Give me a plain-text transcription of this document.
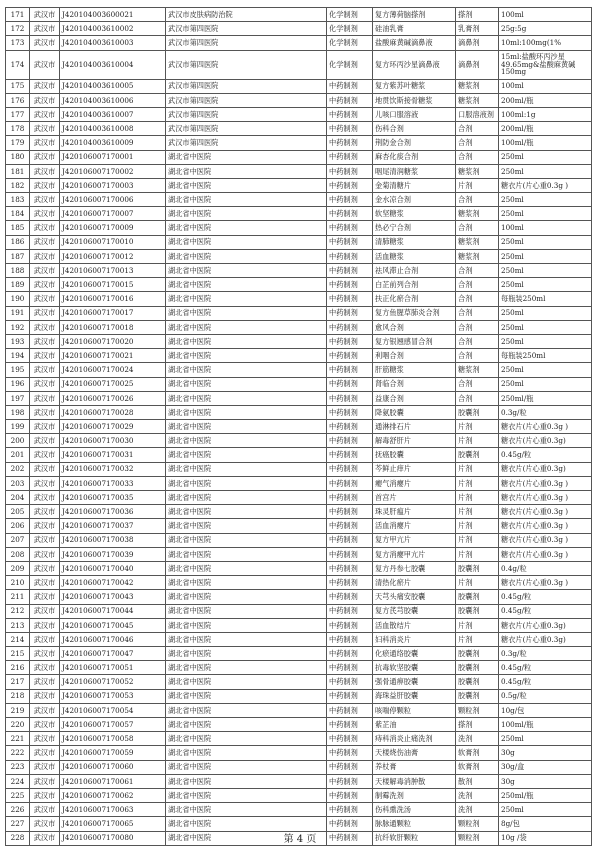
171	武汉市	J420104003600021	武汉市皮肤病防治院	化学制剂	复方薄荷脑搽剂	搽剂	100ml
172	武汉市	J420104003610002	武汉市第四医院	化学制剂	硅油乳膏	乳膏剂	25g:5g
173	武汉市	J420104003610003	武汉市第四医院	化学制剂	盐酸麻黄碱滴鼻液	滴鼻剂	10ml:100mg(1%
174	武汉市	J420104003610004	武汉市第四医院	化学制剂	复方环丙沙星滴鼻液	滴鼻剂	15ml:盐酸环丙沙星49.65mg&盐酸麻黄碱150mg
175	武汉市	J420104003610005	武汉市第四医院	中药制剂	复方紫苏叶糖浆	糖浆剂	100ml
176	武汉市	J420104003610006	武汉市第四医院	中药制剂	地贯饮斯接骨糖浆	糖浆剂	200ml/瓶
177	武汉市	J420104003610007	武汉市第四医院	中药制剂	儿咳口服溶液	口服溶液剂	100ml:1g
178	武汉市	J420104003610008	武汉市第四医院	中药制剂	伤科合剂	合剂	200ml/瓶
179	武汉市	J420104003610009	武汉市第四医院	中药制剂	荆防金合剂	合剂	100ml/瓶
180	武汉市	J420106007170001	湖北省中医院	中药制剂	麻杏化痰合剂	合剂	250ml
181	武汉市	J420106007170002	湖北省中医院	中药制剂	咽尾清润糖浆	糖浆剂	250ml
182	武汉市	J420106007170003	湖北省中医院	中药制剂	金菊清糖片	片剂	糖衣片(片心重0.3g )
183	武汉市	J420106007170006	湖北省中医院	中药制剂	金水凉合剂	合剂	250ml
184	武汉市	J420106007170007	湖北省中医院	中药制剂	软坚糖浆	糖浆剂	250ml
185	武汉市	J420106007170009	湖北省中医院	中药制剂	热必宁合剂	合剂	100ml
186	武汉市	J420106007170010	湖北省中医院	中药制剂	清肺糖浆	糖浆剂	250ml
187	武汉市	J420106007170012	湖北省中医院	中药制剂	活血糖浆	糖浆剂	250ml
188	武汉市	J420106007170013	湖北省中医院	中药制剂	祛风滞止合剂	合剂	250ml
189	武汉市	J420106007170015	湖北省中医院	中药制剂	白芷前列合剂	合剂	250ml
190	武汉市	J420106007170016	湖北省中医院	中药制剂	扶正化瘀合剂	合剂	每瓶装250ml
191	武汉市	J420106007170017	湖北省中医院	中药制剂	复方鱼腥草肺炎合剂	合剂	250ml
192	武汉市	J420106007170018	湖北省中医院	中药制剂	愈风合剂	合剂	250ml
193	武汉市	J420106007170020	湖北省中医院	中药制剂	复方银翘感冒合剂	合剂	250ml
194	武汉市	J420106007170021	湖北省中医院	中药制剂	利咽合剂	合剂	每瓶装250ml
195	武汉市	J420106007170024	湖北省中医院	中药制剂	肝筋糖浆	糖浆剂	250ml
196	武汉市	J420106007170025	湖北省中医院	中药制剂	肾临合剂	合剂	250ml
197	武汉市	J420106007170026	湖北省中医院	中药制剂	益康合剂	合剂	250ml/瓶
198	武汉市	J420106007170028	湖北省中医院	中药制剂	降氨胶囊	胶囊剂	0.3g/粒
199	武汉市	J420106007170029	湖北省中医院	中药制剂	通淋排石片	片剂	糖衣片(片心重0.3g )
200	武汉市	J420106007170030	湖北省中医院	中药制剂	解毒舒肝片	片剂	糖衣片(片心重0.3g)
201	武汉市	J420106007170031	湖北省中医院	中药制剂	抚癌胶囊	胶囊剂	0.45g/粒
202	武汉市	J420106007170032	湖北省中医院	中药制剂	芩鲜止痒片	片剂	糖衣片(片心重0.3g)
203	武汉市	J420106007170033	湖北省中医院	中药制剂	瘿气消瘿片	片剂	糖衣片(片心重0.3g )
204	武汉市	J420106007170035	湖北省中医院	中药制剂	首宫片	片剂	糖衣片(片心重0.3g )
205	武汉市	J420106007170036	湖北省中医院	中药制剂	珠灵肝瘟片	片剂	糖衣片(片心重0.3g )
206	武汉市	J420106007170037	湖北省中医院	中药制剂	活血消瘿片	片剂	糖衣片(片心重0.3g )
207	武汉市	J420106007170038	湖北省中医院	中药制剂	复方甲亢片	片剂	糖衣片(片心重0.3g )
208	武汉市	J420106007170039	湖北省中医院	中药制剂	复方消瘿甲亢片	片剂	糖衣片(片心重0.3g )
209	武汉市	J420106007170040	湖北省中医院	中药制剂	复方丹参七胶囊	胶囊剂	0.4g/粒
210	武汉市	J420106007170042	湖北省中医院	中药制剂	清热化瘀片	片剂	糖衣片(片心重0.3g )
211	武汉市	J420106007170043	湖北省中医院	中药制剂	天芎头痛安胶囊	胶囊剂	0.45g/粒
212	武汉市	J420106007170044	湖北省中医院	中药制剂	复方芪芎胶囊	胶囊剂	0.45g/粒
213	武汉市	J420106007170045	湖北省中医院	中药制剂	活血散结片	片剂	糖衣片(片心重0.3g)
214	武汉市	J420106007170046	湖北省中医院	中药制剂	妇科消炎片	片剂	糖衣片(片心重0.3g)
215	武汉市	J420106007170047	湖北省中医院	中药制剂	化瘀通络胶囊	胶囊剂	0.3g/粒
216	武汉市	J420106007170051	湖北省中医院	中药制剂	抗毒软坚胶囊	胶囊剂	0.45g/粒
217	武汉市	J420106007170052	湖北省中医院	中药制剂	强骨通痹胶囊	胶囊剂	0.45g/粒
218	武汉市	J420106007170053	湖北省中医院	中药制剂	海珠益肝胶囊	胶囊剂	0.5g/粒
219	武汉市	J420106007170054	湖北省中医院	中药制剂	咳喘停颗粒	颗粒剂	10g/包
220	武汉市	J420106007170057	湖北省中医院	中药制剂	紫芷油	搽剂	100ml/瓶
221	武汉市	J420106007170058	湖北省中医院	中药制剂	痔科消炎止痛洗剂	洗剂	250ml
222	武汉市	J420106007170059	湖北省中医院	中药制剂	天楼烧伤油膏	软膏剂	30g
223	武汉市	J420106007170060	湖北省中医院	中药制剂	养杖膏	软膏剂	30g/盒
224	武汉市	J420106007170061	湖北省中医院	中药制剂	天楼解毒消肿散	散剂	30g
225	武汉市	J420106007170062	湖北省中医院	中药制剂	制霉洗剂	洗剂	250ml/瓶
226	武汉市	J420106007170063	湖北省中医院	中药制剂	伤科熏洗汤	洗剂	250ml
227	武汉市	J420106007170065	湖北省中医院	中药制剂	脉脉通颗粒	颗粒剂	8g/包
228	武汉市	J420106007170080	湖北省中医院	中药制剂	抗纤软肝颗粒	颗粒剂	10g /袋
第 4 页
